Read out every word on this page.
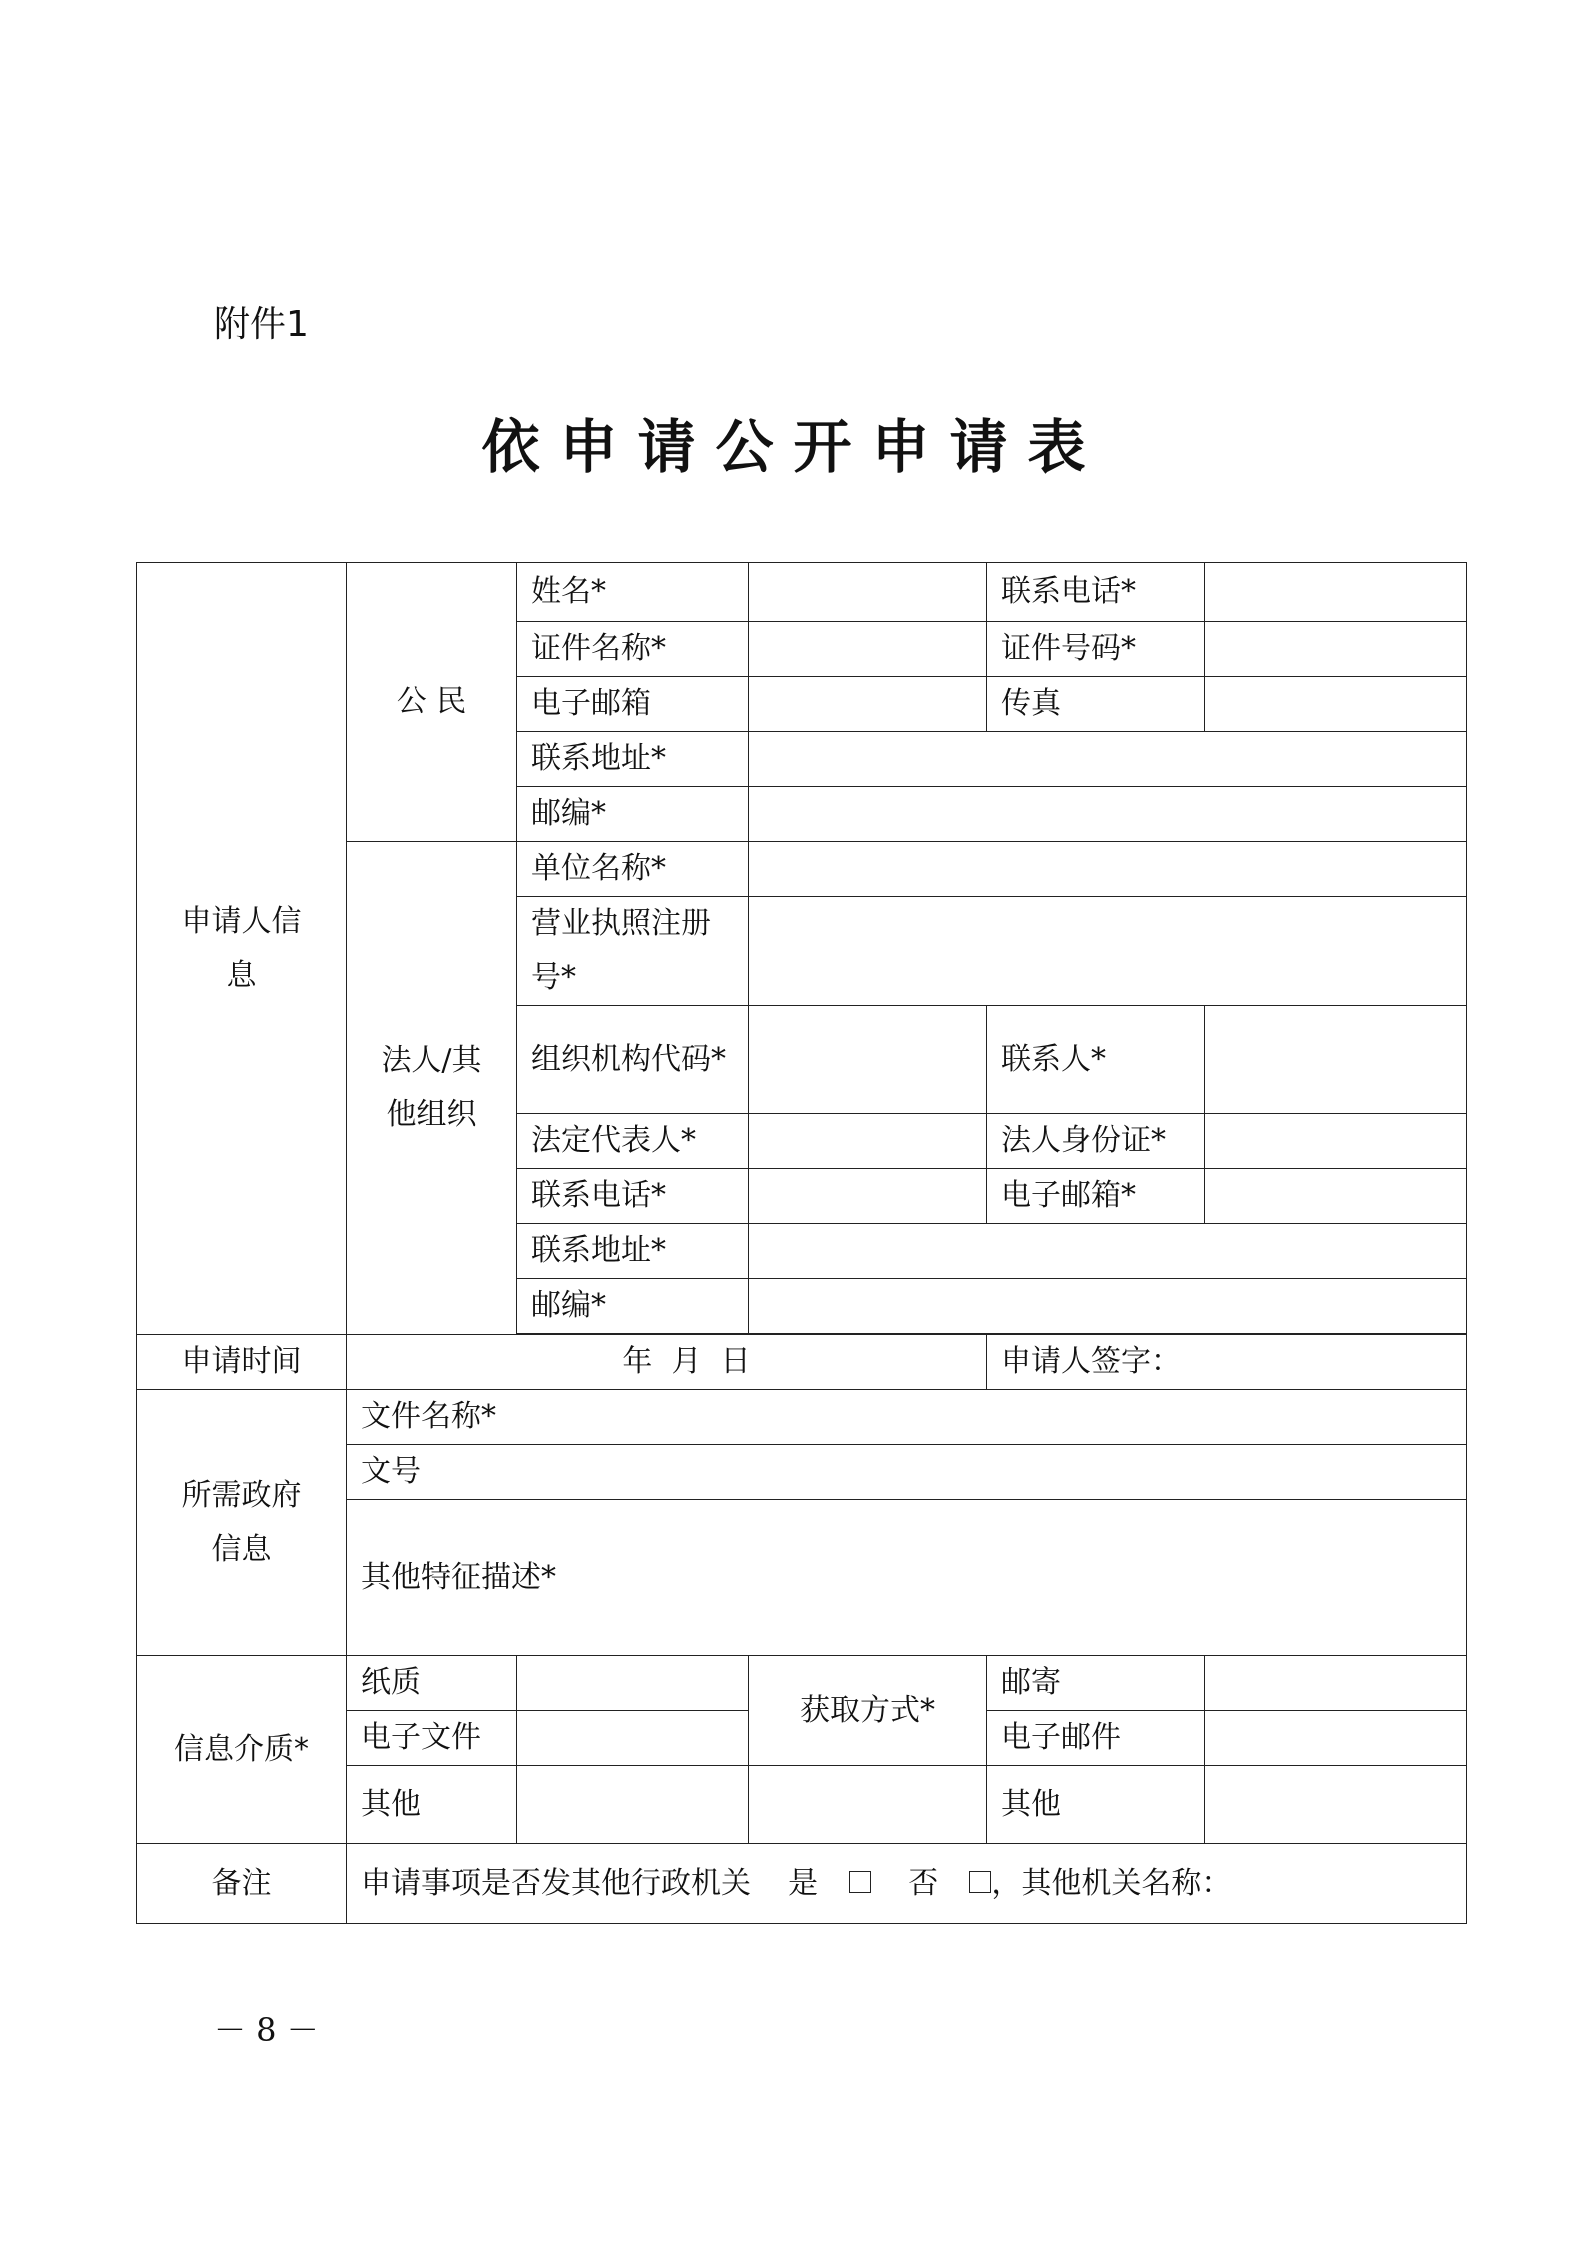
附件1

依申请公开申请表
申请人信息	公 民	姓名*		联系电话*	
		证件名称*		证件号码*	
		电子邮箱		传真	
		联系地址*			
		邮编*			
	法人/其他组织	单位名称*			
		营业执照注册号*			
		组织机构代码*		联系人*	
		法定代表人*		法人身份证*	
		联系电话*		电子邮箱*	
		联系地址*			
		邮编*			

申请时间	年  月  日			申请人签字：	
所需政府信息	文件名称*				
	文号				
	其他特征描述*				
信息介质*	纸质		获取方式*	邮寄	
	电子文件			电子邮件	
	其他			其他	
备注	申请事项是否发其他行政机关 是 否 ，其他机关名称：				

－ 8 －
